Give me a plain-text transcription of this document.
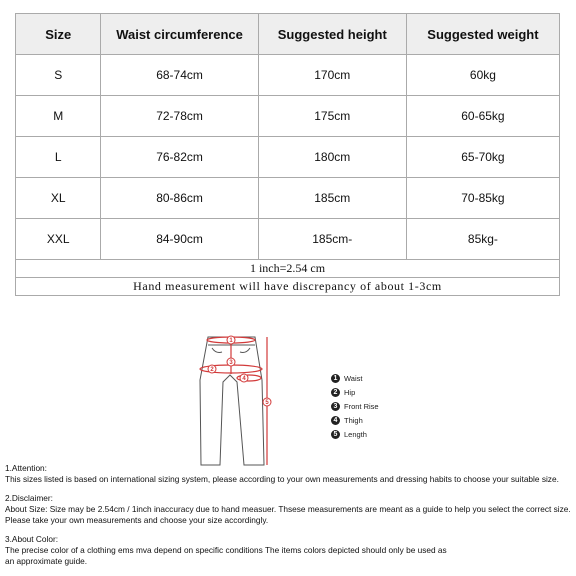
Size	Waist circumference	Suggested height	Suggested weight
S	68-74cm	170cm	60kg
M	72-78cm	175cm	60-65kg
L	76-82cm	180cm	65-70kg
XL	80-86cm	185cm	70-85kg
XXL	84-90cm	185cm-	85kg-
1 inch=2.54 cm			
Hand measurement will have discrepancy of about 1-3cm			
1
2
3
4
5
1 Waist
2 Hip
3 Front Rise
4 Thigh
5 Length

1.Attention:

This sizes listed is based on international sizing system, please according to your own measurements and dressing habits to choose your suitable size.

2.Disclaimer:

About Size: Size may be 2.54cm / 1inch inaccuracy due to hand measuer. Thsese measurements are meant as a guide to help you select the correct size.

Please take your own measurements and choose your size accordingly.

3.About Color:

The precise color of a clothing ems mva depend on specific conditions The items colors depicted should only be used as

an approximate guide.
